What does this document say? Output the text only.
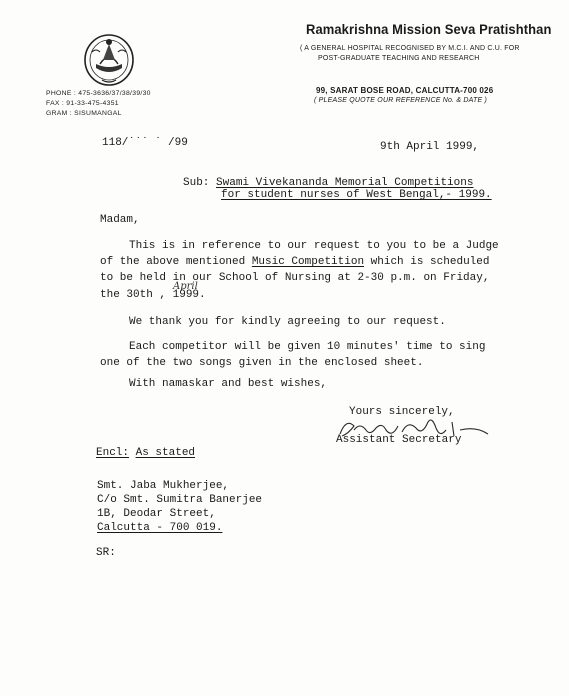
Ramakrishna Mission Seva Pratishthan
( A GENERAL HOSPITAL RECOGNISED BY M.C.I. AND C.U. FOR
POST-GRADUATE TEACHING AND RESEARCH
99, SARAT BOSE ROAD, CALCUTTA-700 026
( PLEASE QUOTE OUR REFERENCE No. & DATE )
PHONE : 475-3636/37/38/39/30
FAX : 91-33-475-4351
GRAM : SISUMANGAL
118/˙˙˙ ˙ /99	9th April 1999,
Sub: Swami Vivekananda Memorial Competitions
for student nurses of West Bengal,- 1999.
Madam,
This is in reference to our request to you to be a Judge
of the above mentioned Music Competition which is scheduled
to be held in our School of Nursing at 2-30 p.m. on Friday,
the 30th , 1999.
April
We thank you for kindly agreeing to our request.
Each competitor will be given 10 minutes' time to sing
one of the two songs given in the enclosed sheet.
With namaskar and best wishes,
Yours sincerely,
Assistant Secretary
Encl: As stated
Smt. Jaba Mukherjee,
C/o Smt. Sumitra Banerjee
1B, Deodar Street,
Calcutta - 700 019.
SR:
